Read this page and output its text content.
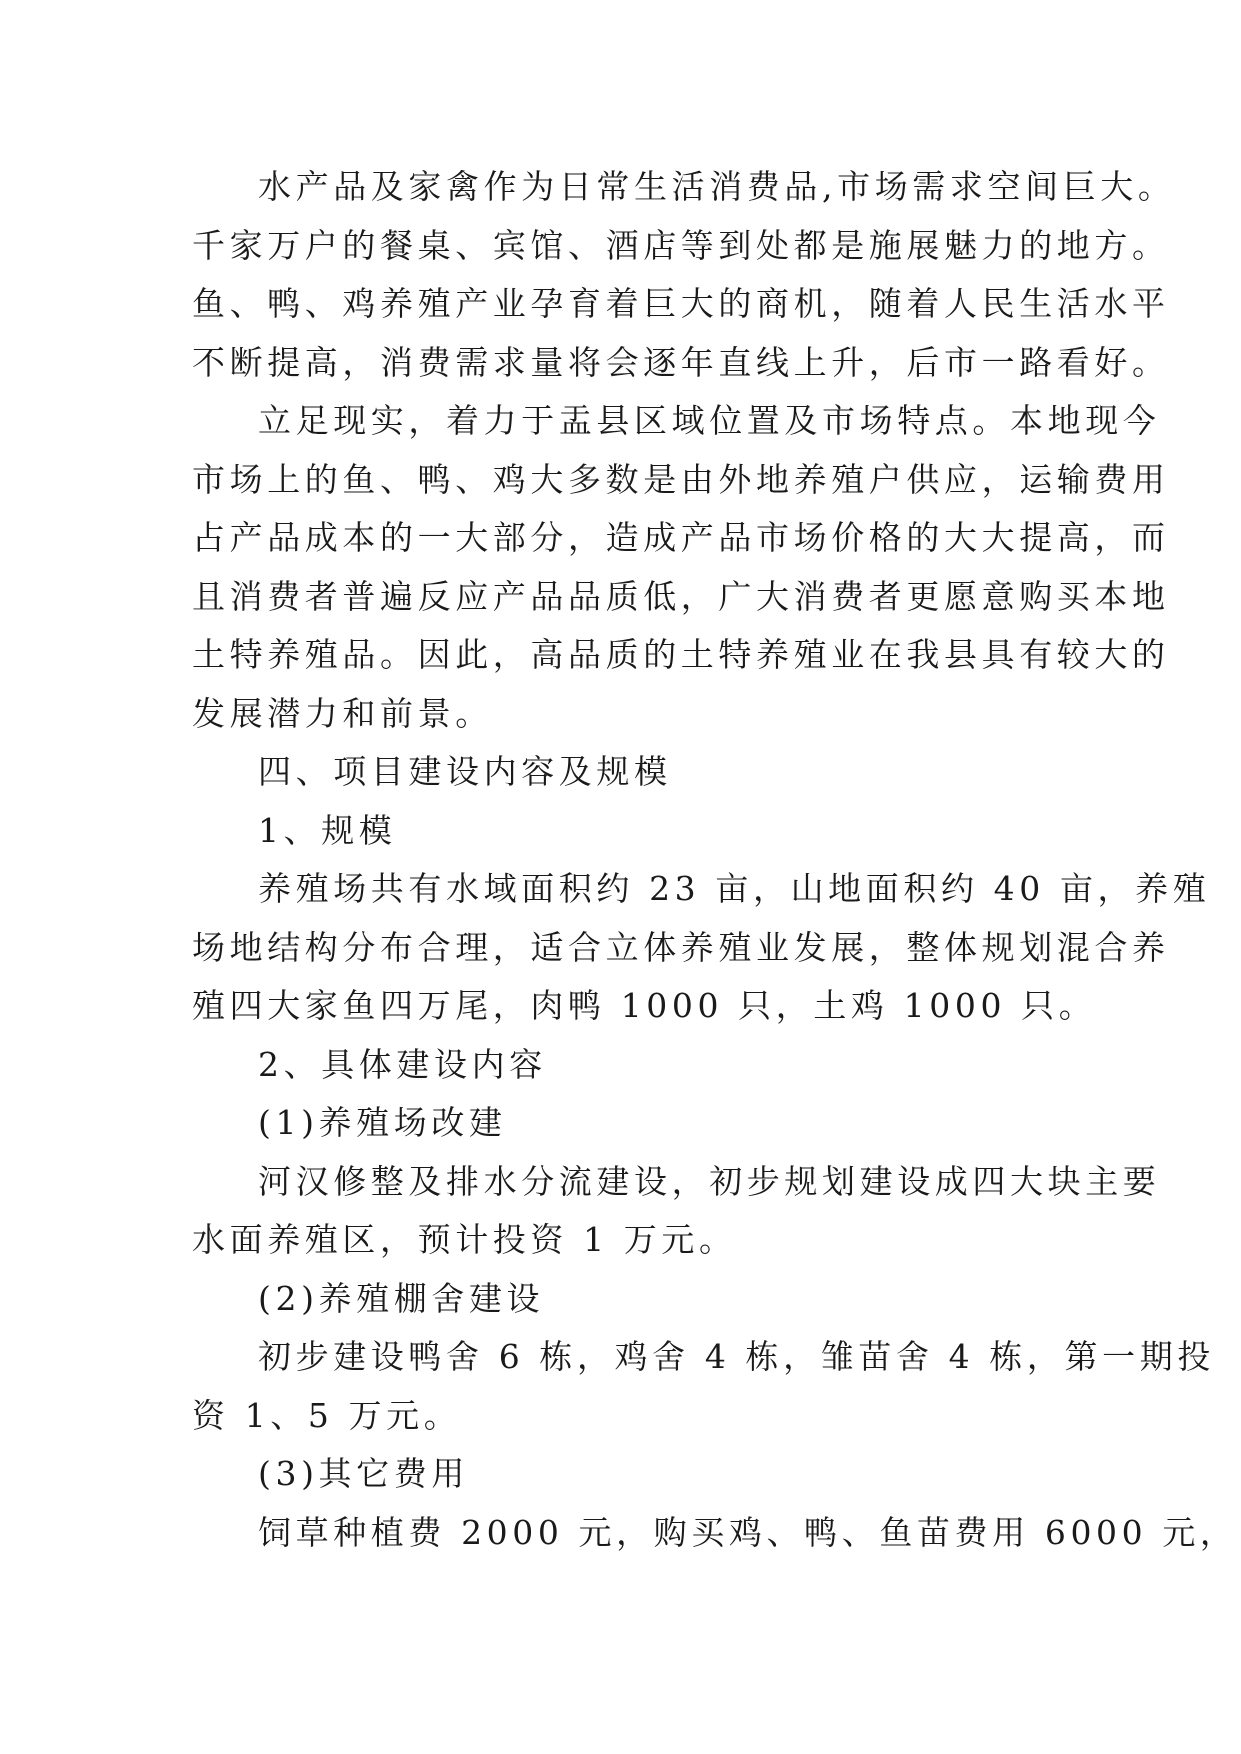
水产品及家禽作为日常生活消费品,市场需求空间巨大。
千家万户的餐桌、宾馆、酒店等到处都是施展魅力的地方。
鱼、鸭、鸡养殖产业孕育着巨大的商机，随着人民生活水平
不断提高，消费需求量将会逐年直线上升，后市一路看好。
立足现实，着力于盂县区域位置及市场特点。本地现今
市场上的鱼、鸭、鸡大多数是由外地养殖户供应，运输费用
占产品成本的一大部分，造成产品市场价格的大大提高，而
且消费者普遍反应产品品质低，广大消费者更愿意购买本地
土特养殖品。因此，高品质的土特养殖业在我县具有较大的
发展潜力和前景。
四、项目建设内容及规模
1、规模
养殖场共有水域面积约 23 亩，山地面积约 40 亩，养殖
场地结构分布合理，适合立体养殖业发展，整体规划混合养
殖四大家鱼四万尾，肉鸭 1000 只，土鸡 1000 只。
2、具体建设内容
(1)养殖场改建
河汉修整及排水分流建设，初步规划建设成四大块主要
水面养殖区，预计投资 1 万元。
(2)养殖棚舍建设
初步建设鸭舍 6 栋，鸡舍 4 栋，雏苗舍 4 栋，第一期投
资 1、5 万元。
(3)其它费用
饲草种植费 2000 元，购买鸡、鸭、鱼苗费用 6000 元，
